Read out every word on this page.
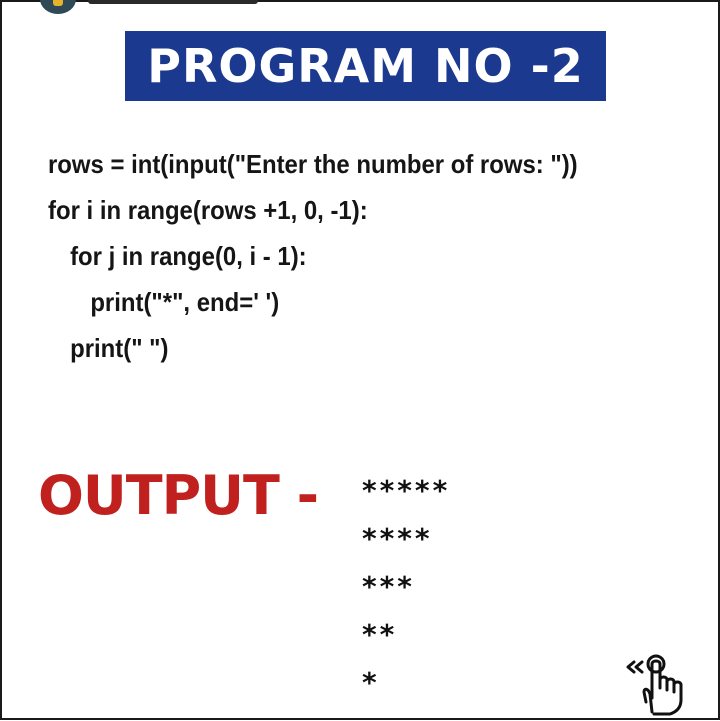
PROGRAM NO -2
rows = int(input("Enter the number of rows: "))
for i in range(rows +1, 0, -1):
for j in range(0, i - 1):
print("*", end=' ')
print(" ")
OUTPUT - *****
****
***
**
*
